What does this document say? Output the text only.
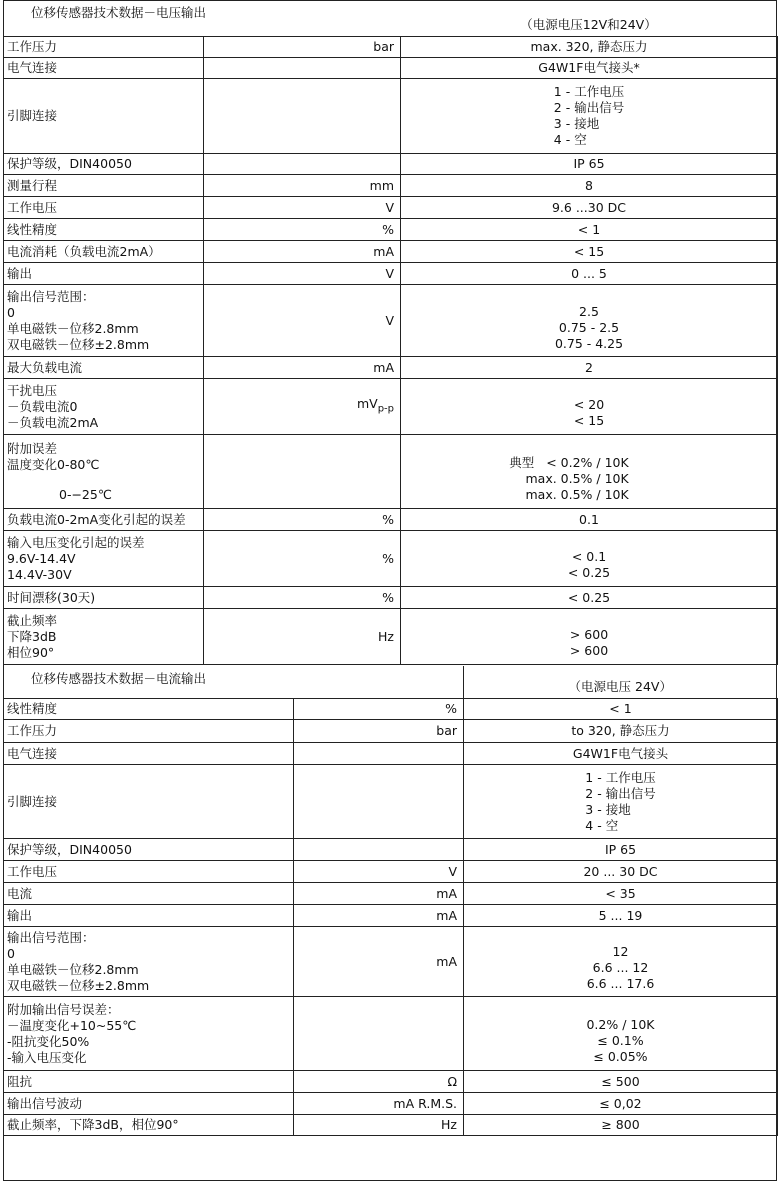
位移传感器技术数据－电压输出	（电源电压12V和24V）
工作压力	bar	max. 320, 静态压力
电气连接		G4W1F电气接头*
引脚连接		1 - 工作电压
2 - 输出信号
3 - 接地
4 - 空

保护等级，DIN40050		IP 65
测量行程	mm	8
工作电压	V	9.6 ...30 DC
线性精度	%	< 1
电流消耗（负载电流2mA）	mA	< 15
输出	V	0 ... 5

输出信号范围：
0
单电磁铁－位移2.8mm
双电磁铁－位移±2.8mm	V	2.5
0.75 - 2.5
0.75 - 4.25

最大负载电流	mA	2

干扰电压
－负载电流0
－负载电流2mA	$mV_{p-p}$	< 20
< 15

附加误差
温度变化0-80℃
0-−25℃		典型 < 0.2% / 10K
max. 0.5% / 10K
max. 0.5% / 10K

负载电流0-2mA变化引起的误差	%	0.1

输入电压变化引起的误差
9.6V-14.4V
14.4V-30V	%	< 0.1
< 0.25

时间漂移(30天)	%	< 0.25

截止频率
下降3dB
相位90°	Hz	> 600
> 600
位移传感器技术数据－电流输出	（电源电压 24V）
线性精度	%	< 1
工作压力	bar	to 320, 静态压力
电气连接		G4W1F电气接头
引脚连接		1 - 工作电压
2 - 输出信号
3 - 接地
4 - 空

保护等级，DIN40050		IP 65
工作电压	V	20 ... 30 DC
电流	mA	< 35
输出	mA	5 ... 19

输出信号范围：
0
单电磁铁－位移2.8mm
双电磁铁－位移±2.8mm	mA	12
6.6 ... 12
6.6 ... 17.6

附加输出信号误差：
－温度变化+10~55℃
-阻抗变化50%
-输入电压变化		0.2% / 10K
≤ 0.1%
≤ 0.05%

阻抗	Ω	≤ 500
输出信号波动	mA R.M.S.	≤ 0,02
截止频率，下降3dB，相位90°	Hz	≥ 800
